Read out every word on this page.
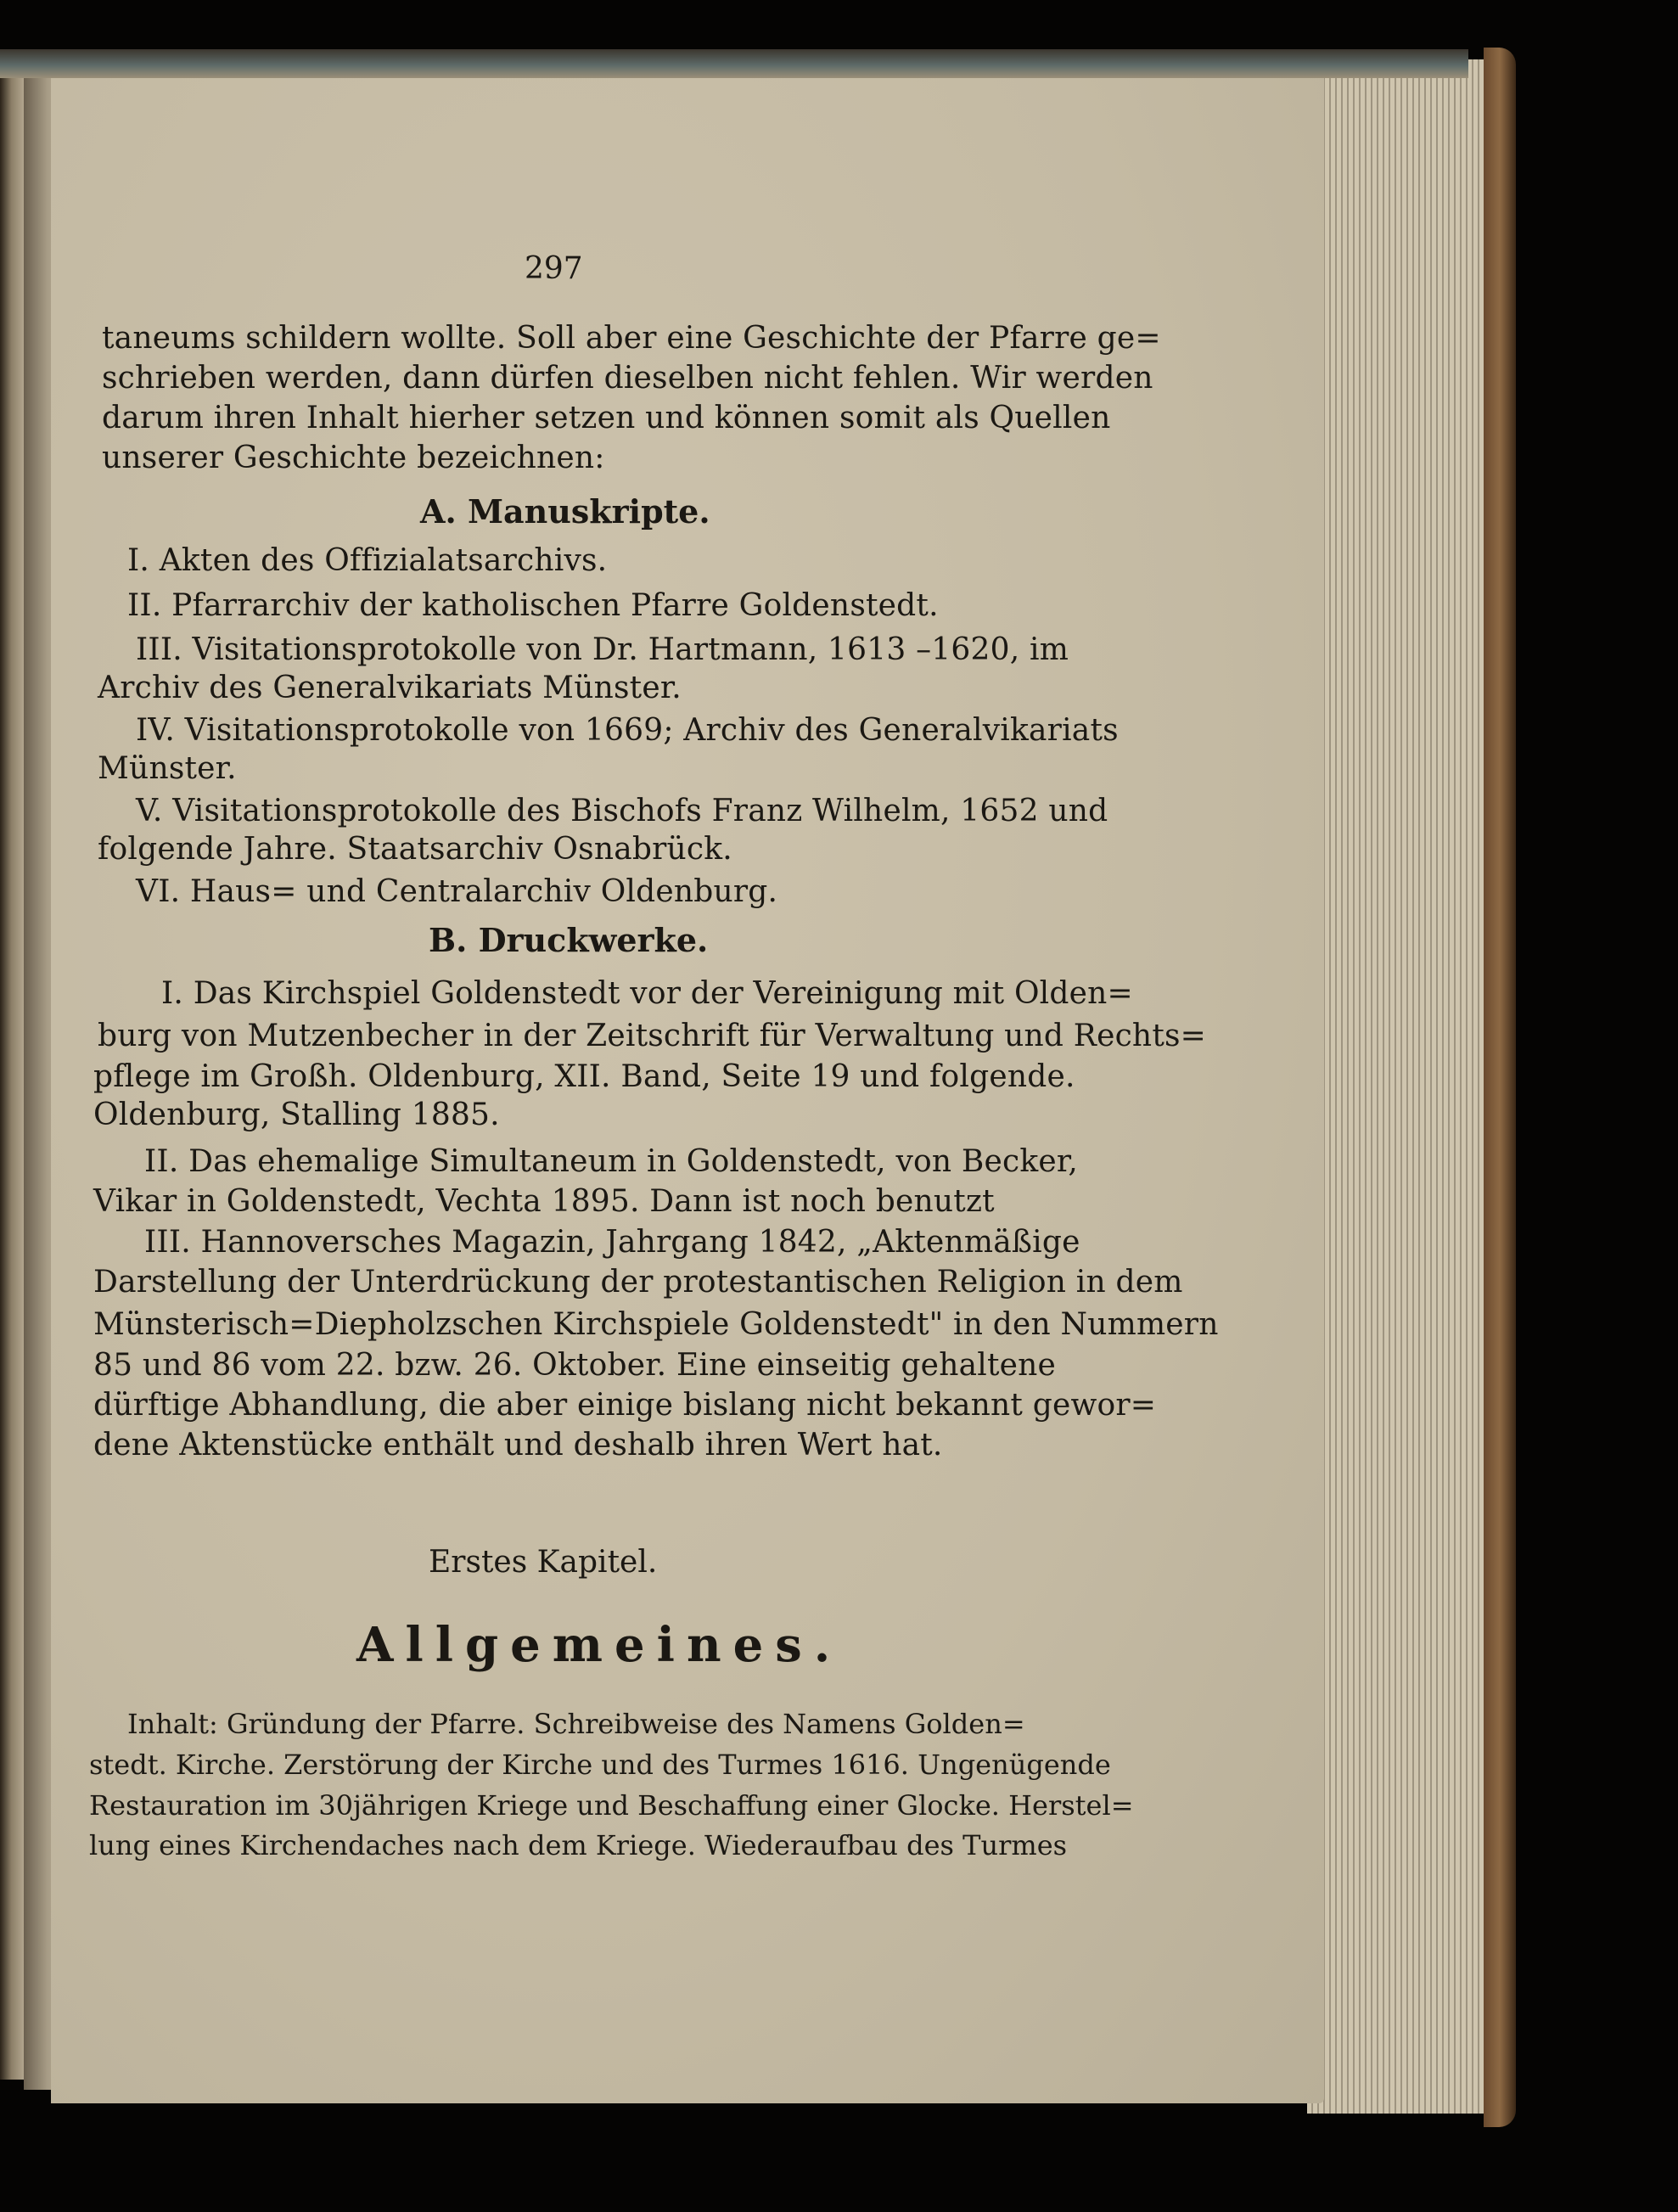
297
taneums schildern wollte. Soll aber eine Geschichte der Pfarre ge=
schrieben werden, dann dürfen dieselben nicht fehlen. Wir werden
darum ihren Inhalt hierher setzen und können somit als Quellen
unserer Geschichte bezeichnen:
A. Manuskripte.
I. Akten des Offizialatsarchivs.
II. Pfarrarchiv der katholischen Pfarre Goldenstedt.
III. Visitationsprotokolle von Dr. Hartmann, 1613 –1620, im
Archiv des Generalvikariats Münster.
IV. Visitationsprotokolle von 1669; Archiv des Generalvikariats
Münster.
V. Visitationsprotokolle des Bischofs Franz Wilhelm, 1652 und
folgende Jahre. Staatsarchiv Osnabrück.
VI. Haus= und Centralarchiv Oldenburg.
B. Druckwerke.
I. Das Kirchspiel Goldenstedt vor der Vereinigung mit Olden=
burg von Mutzenbecher in der Zeitschrift für Verwaltung und Rechts=
pflege im Großh. Oldenburg, XII. Band, Seite 19 und folgende.
Oldenburg, Stalling 1885.
II. Das ehemalige Simultaneum in Goldenstedt, von Becker,
Vikar in Goldenstedt, Vechta 1895. Dann ist noch benutzt
III. Hannoversches Magazin, Jahrgang 1842, „Aktenmäßige
Darstellung der Unterdrückung der protestantischen Religion in dem
Münsterisch=Diepholzschen Kirchspiele Goldenstedt" in den Nummern
85 und 86 vom 22. bzw. 26. Oktober. Eine einseitig gehaltene
dürftige Abhandlung, die aber einige bislang nicht bekannt gewor=
dene Aktenstücke enthält und deshalb ihren Wert hat.
Erstes Kapitel.
Allgemeines.
Inhalt: Gründung der Pfarre. Schreibweise des Namens Golden=
stedt. Kirche. Zerstörung der Kirche und des Turmes 1616. Ungenügende
Restauration im 30jährigen Kriege und Beschaffung einer Glocke. Herstel=
lung eines Kirchendaches nach dem Kriege. Wiederaufbau des Turmes
